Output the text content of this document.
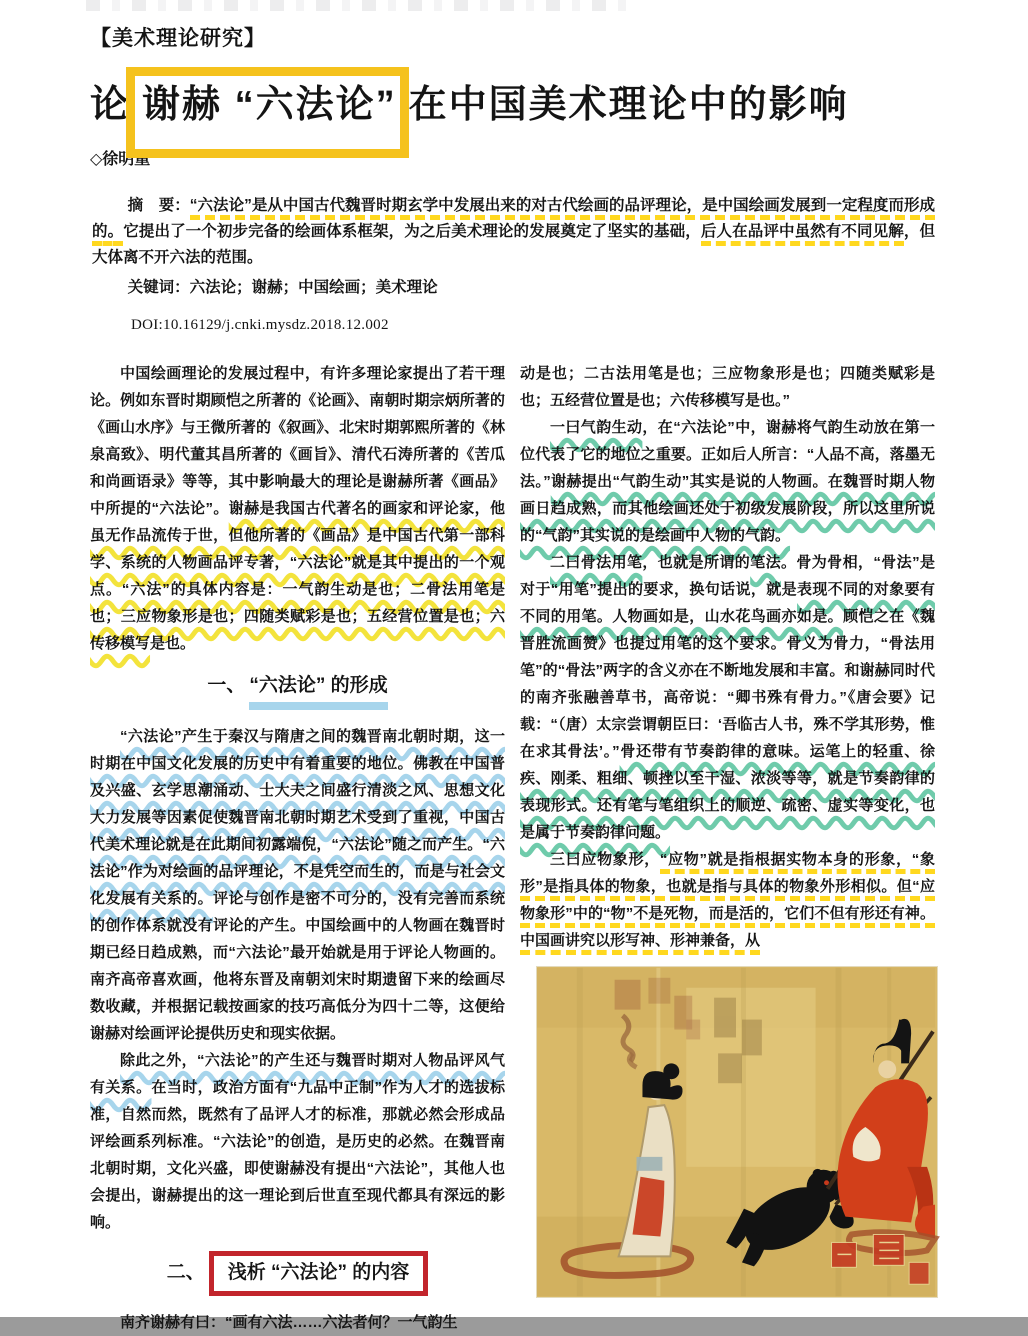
【美术理论研究】
论 谢赫 “六法论” 在中国美术理论中的影响
◇徐明重

摘　要：“六法论”是从中国古代魏晋时期玄学中发展出来的对古代绘画的品评理论，是中国绘画发展到一定程度而形成的。它提出了一个初步完备的绘画体系框架，为之后美术理论的发展奠定了坚实的基础，后人在品评中虽然有不同见解，但大体离不开六法的范围。

关键词：六法论；谢赫；中国绘画；美术理论

DOI:10.16129/j.cnki.mysdz.2018.12.002

中国绘画理论的发展过程中，有许多理论家提出了若干理论。例如东晋时期顾恺之所著的《论画》、南朝时期宗炳所著的《画山水序》与王微所著的《叙画》、北宋时期郭熙所著的《林泉高致》、明代董其昌所著的《画旨》、清代石涛所著的《苦瓜和尚画语录》等等，其中影响最大的理论是谢赫所著《画品》中所提的“六法论”。谢赫是我国古代著名的画家和评论家，他虽无作品流传于世，但他所著的《画品》是中国古代第一部科学、系统的人物画品评专著，“六法论”就是其中提出的一个观点。“六法”的具体内容是：一气韵生动是也；二骨法用笔是也；三应物象形是也；四随类赋彩是也；五经营位置是也；六传移模写是也。

一、 “六法论” 的形成

“六法论”产生于秦汉与隋唐之间的魏晋南北朝时期，这一时期在中国文化发展的历史中有着重要的地位。佛教在中国普及兴盛、玄学思潮涌动、士大夫之间盛行清淡之风、思想文化大力发展等因素促使魏晋南北朝时期艺术受到了重视，中国古代美术理论就是在此期间初露端倪，“六法论”随之而产生。“六法论”作为对绘画的品评理论，不是凭空而生的，而是与社会文化发展有关系的。评论与创作是密不可分的，没有完善而系统的创作体系就没有评论的产生。中国绘画中的人物画在魏晋时期已经日趋成熟，而“六法论”最开始就是用于评论人物画的。南齐高帝喜欢画，他将东晋及南朝刘宋时期遗留下来的绘画尽数收藏，并根据记载按画家的技巧高低分为四十二等，这便给谢赫对绘画评论提供历史和现实依据。

除此之外，“六法论”的产生还与魏晋时期对人物品评风气有关系。在当时，政治方面有“九品中正制”作为人才的选拔标准，自然而然，既然有了品评人才的标准，那就必然会形成品评绘画系列标准。“六法论”的创造，是历史的必然。在魏晋南北朝时期，文化兴盛，即使谢赫没有提出“六法论”，其他人也会提出，谢赫提出的这一理论到后世直至现代都具有深远的影响。

二、 浅析 “六法论” 的内容

南齐谢赫有曰：“画有六法……六法者何？一气韵生

动是也；二古法用笔是也；三应物象形是也；四随类赋彩是也；五经营位置是也；六传移模写是也。”

一曰气韵生动，在“六法论”中，谢赫将气韵生动放在第一位代表了它的地位之重要。正如后人所言：“人品不高，落墨无法。”谢赫提出“气韵生动”其实是说的人物画。在魏晋时期人物画日趋成熟，而其他绘画还处于初级发展阶段，所以这里所说的“气韵”其实说的是绘画中人物的气韵。

二曰骨法用笔，也就是所谓的笔法。骨为骨相，“骨法”是对于“用笔”提出的要求，换句话说，就是表现不同的对象要有不同的用笔。人物画如是，山水花鸟画亦如是。顾恺之在《魏晋胜流画赞》也提过用笔的这个要求。骨义为骨力，“骨法用笔”的“骨法”两字的含义亦在不断地发展和丰富。和谢赫同时代的南齐张融善草书，高帝说：“卿书殊有骨力。”《唐会要》记载：“（唐）太宗尝谓朝臣曰：‘吾临古人书，殊不学其形势，惟在求其骨法’。”骨还带有节奏韵律的意味。运笔上的轻重、徐疾、刚柔、粗细、顿挫以至干湿、浓淡等等，就是节奏韵律的表现形式。还有笔与笔组织上的顺逆、疏密、虚实等变化，也是属于节奏韵律问题。

三曰应物象形，“应物”就是指根据实物本身的形象，“象形”是指具体的物象，也就是指与具体的物象外形相似。但“应物象形”中的“物”不是死物，而是活的，它们不但有形还有神。中国画讲究以形写神、形神兼备，从
